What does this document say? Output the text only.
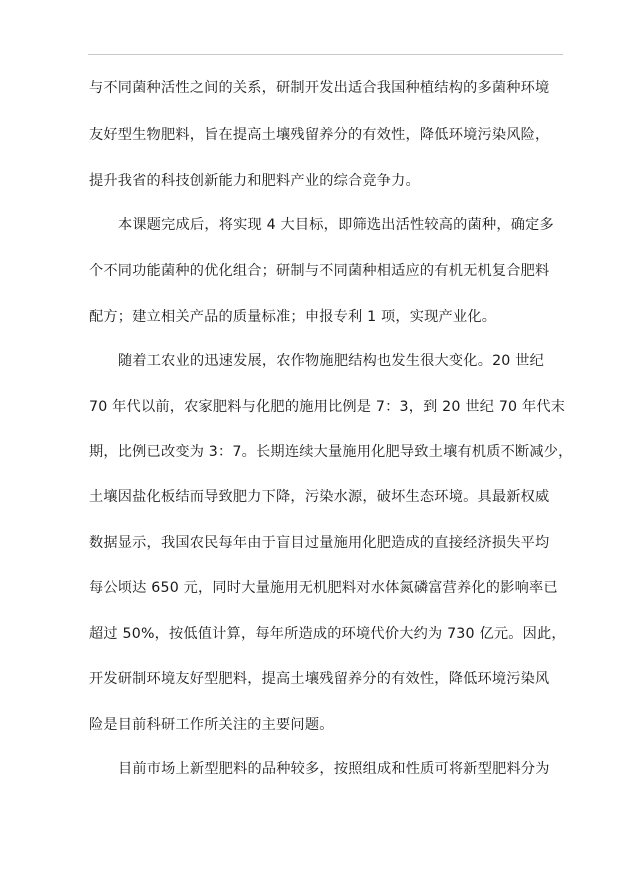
与不同菌种活性之间的关系，研制开发出适合我国种植结构的多菌种环境
友好型生物肥料，旨在提高土壤残留养分的有效性，降低环境污染风险，
提升我省的科技创新能力和肥料产业的综合竞争力。
本课题完成后，将实现 4 大目标，即筛选出活性较高的菌种，确定多
个不同功能菌种的优化组合；研制与不同菌种相适应的有机无机复合肥料
配方；建立相关产品的质量标准；申报专利 1 项，实现产业化。
随着工农业的迅速发展，农作物施肥结构也发生很大变化。20 世纪
70 年代以前，农家肥料与化肥的施用比例是 7：3，到 20 世纪 70 年代末
期，比例已改变为 3：7。长期连续大量施用化肥导致土壤有机质不断减少，
土壤因盐化板结而导致肥力下降，污染水源，破坏生态环境。具最新权威
数据显示，我国农民每年由于盲目过量施用化肥造成的直接经济损失平均
每公顷达 650 元，同时大量施用无机肥料对水体氮磷富营养化的影响率已
超过 50%，按低值计算，每年所造成的环境代价大约为 730 亿元。因此，
开发研制环境友好型肥料，提高土壤残留养分的有效性，降低环境污染风
险是目前科研工作所关注的主要问题。
目前市场上新型肥料的品种较多，按照组成和性质可将新型肥料分为
